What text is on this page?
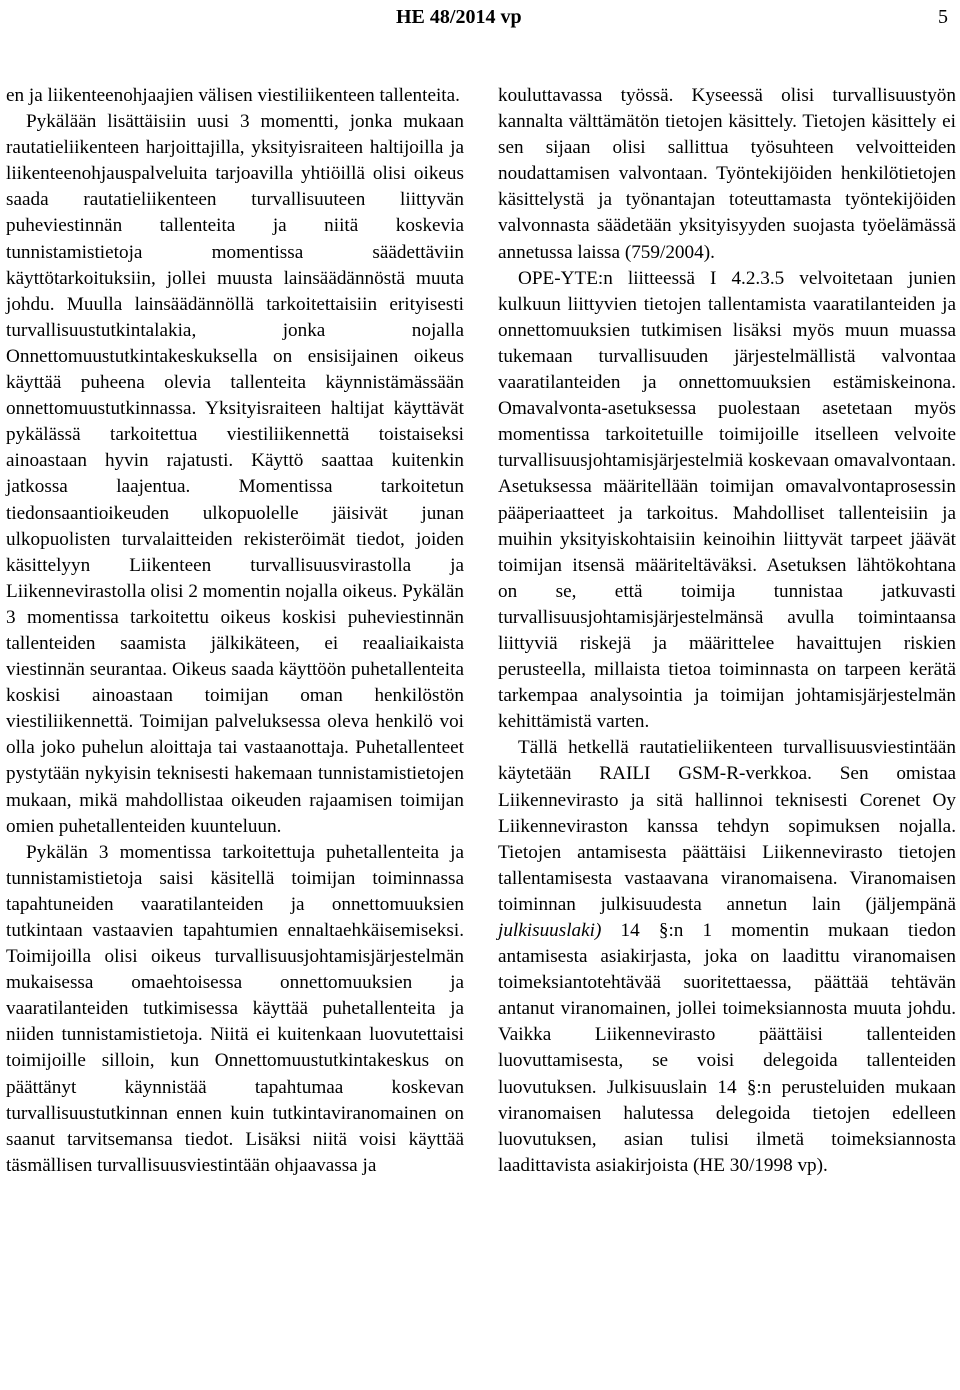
HE 48/2014 vp	5

en ja liikenteenohjaajien välisen viestiliikenteen tallenteita.

Pykälään lisättäisiin uusi 3 momentti, jonka mukaan rautatieliikenteen harjoittajilla, yksityisraiteen haltijoilla ja liikenteenohjauspalveluita tarjoavilla yhtiöillä olisi oikeus saada rautatieliikenteen turvallisuuteen liittyvän puheviestinnän tallenteita ja niitä koskevia tunnistamistietoja momentissa säädettäviin käyttötarkoituksiin, jollei muusta lainsäädännöstä muuta johdu. Muulla lainsäädännöllä tarkoitettaisiin erityisesti turvallisuustutkintalakia, jonka nojalla Onnettomuustutkintakeskuksella on ensisijainen oikeus käyttää puheena olevia tallenteita käynnistämässään onnettomuustutkinnassa. Yksityisraiteen haltijat käyttävät pykälässä tarkoitettua viestiliikennettä toistaiseksi ainoastaan hyvin rajatusti. Käyttö saattaa kuitenkin jatkossa laajentua. Momentissa tarkoitetun tiedonsaantioikeuden ulkopuolelle jäisivät junan ulkopuolisten turvalaitteiden rekisteröimät tiedot, joiden käsittelyyn Liikenteen turvallisuusvirastolla ja Liikennevirastolla olisi 2 momentin nojalla oikeus. Pykälän 3 momentissa tarkoitettu oikeus koskisi puheviestinnän tallenteiden saamista jälkikäteen, ei reaaliaikaista viestinnän seurantaa. Oikeus saada käyttöön puhetallenteita koskisi ainoastaan toimijan oman henkilöstön viestiliikennettä. Toimijan palveluksessa oleva henkilö voi olla joko puhelun aloittaja tai vastaanottaja. Puhetallenteet pystytään nykyisin teknisesti hakemaan tunnistamistietojen mukaan, mikä mahdollistaa oikeuden rajaamisen toimijan omien puhetallenteiden kuunteluun.

Pykälän 3 momentissa tarkoitettuja puhetallenteita ja tunnistamistietoja saisi käsitellä toimijan toiminnassa tapahtuneiden vaaratilanteiden ja onnettomuuksien tutkintaan vastaavien tapahtumien ennaltaehkäisemiseksi. Toimijoilla olisi oikeus turvallisuusjohtamisjärjestelmän mukaisessa omaehtoisessa onnettomuuksien ja vaaratilanteiden tutkimisessa käyttää puhetallenteita ja niiden tunnistamistietoja. Niitä ei kuitenkaan luovutettaisi toimijoille silloin, kun Onnettomuustutkintakeskus on päättänyt käynnistää tapahtumaa koskevan turvallisuustutkinnan ennen kuin tutkintaviranomainen on saanut tarvitsemansa tiedot. Lisäksi niitä voisi käyttää täsmällisen turvallisuusviestintään ohjaavassa ja

kouluttavassa työssä. Kyseessä olisi turvallisuustyön kannalta välttämätön tietojen käsittely. Tietojen käsittely ei sen sijaan olisi sallittua työsuhteen velvoitteiden noudattamisen valvontaan. Työntekijöiden henkilötietojen käsittelystä ja työnantajan toteuttamasta työntekijöiden valvonnasta säädetään yksityisyyden suojasta työelämässä annetussa laissa (759/2004).

OPE-YTE:n liitteessä I 4.2.3.5 velvoitetaan junien kulkuun liittyvien tietojen tallentamista vaaratilanteiden ja onnettomuuksien tutkimisen lisäksi myös muun muassa tukemaan turvallisuuden järjestelmällistä valvontaa vaaratilanteiden ja onnettomuuksien estämiskeinona. Omavalvonta-asetuksessa puolestaan asetetaan myös momentissa tarkoitetuille toimijoille itselleen velvoite turvallisuusjohtamisjärjestelmiä koskevaan omavalvontaan. Asetuksessa määritellään toimijan omavalvontaprosessin pääperiaatteet ja tarkoitus. Mahdolliset tallenteisiin ja muihin yksityiskohtaisiin keinoihin liittyvät tarpeet jäävät toimijan itsensä määriteltäväksi. Asetuksen lähtökohtana on se, että toimija tunnistaa jatkuvasti turvallisuusjohtamisjärjestelmänsä avulla toimintaansa liittyviä riskejä ja määrittelee havaittujen riskien perusteella, millaista tietoa toiminnasta on tarpeen kerätä tarkempaa analysointia ja toimijan johtamisjärjestelmän kehittämistä varten.

Tällä hetkellä rautatieliikenteen turvallisuusviestintään käytetään RAILI GSM-R-verkkoa. Sen omistaa Liikennevirasto ja sitä hallinnoi teknisesti Corenet Oy Liikenneviraston kanssa tehdyn sopimuksen nojalla. Tietojen antamisesta päättäisi Liikennevirasto tietojen tallentamisesta vastaavana viranomaisena. Viranomaisen toiminnan julkisuudesta annetun lain (jäljempänä julkisuuslaki) 14 §:n 1 momentin mukaan tiedon antamisesta asiakirjasta, joka on laadittu viranomaisen toimeksiantotehtävää suoritettaessa, päättää tehtävän antanut viranomainen, jollei toimeksiannosta muuta johdu. Vaikka Liikennevirasto päättäisi tallenteiden luovuttamisesta, se voisi delegoida tallenteiden luovutuksen. Julkisuuslain 14 §:n perusteluiden mukaan viranomaisen halutessa delegoida tietojen edelleen luovutuksen, asian tulisi ilmetä toimeksiannosta laadittavista asiakirjoista (HE 30/1998 vp).
